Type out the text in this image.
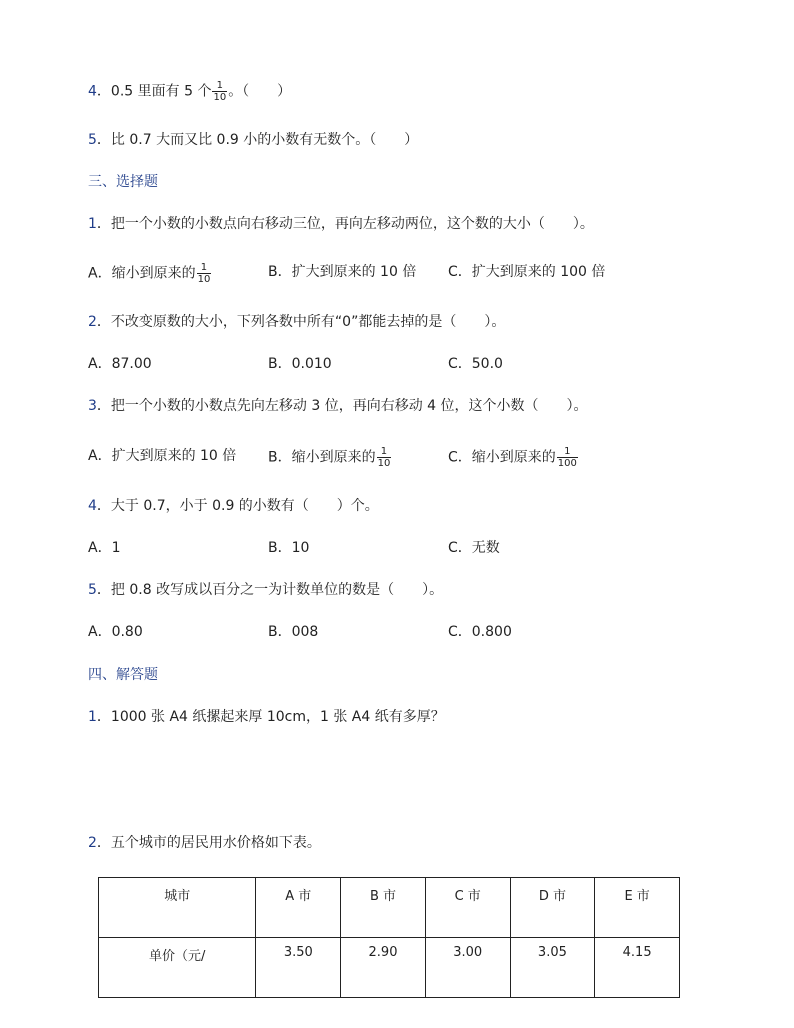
4．0.5 里面有 5 个 $\frac{1}{10}$ 。（　　）
5．比 0.7 大而又比 0.9 小的小数有无数个。（　　）
三、选择题
1．把一个小数的小数点向右移动三位，再向左移动两位，这个数的大小（　　）。
A．缩小到原来的 $\frac{1}{10}$	B．扩大到原来的 10 倍 C．扩大到原来的 100 倍
2．不改变原数的大小，下列各数中所有“0”都能去掉的是（　　）。
A．87.00	B．0.010	C．50.0
3．把一个小数的小数点先向左移动 3 位，再向右移动 4 位，这个小数（　　）。
A．扩大到原来的 10 倍 B．缩小到原来的 $\frac{1}{10}$	C．缩小到原来的 $\frac{1}{100}$
4．大于 0.7，小于 0.9 的小数有（　　）个。
A．1	B．10	C．无数
5．把 0.8 改写成以百分之一为计数单位的数是（　　）。
A．0.80	B．008	C．0.800
四、解答题
1．1000 张 A4 纸摞起来厚 10cm，1 张 A4 纸有多厚？
2．五个城市的居民用水价格如下表。
城市	A 市	B 市	C 市	D 市	E 市
单价（元/	3.50	2.90	3.00	3.05	4.15
